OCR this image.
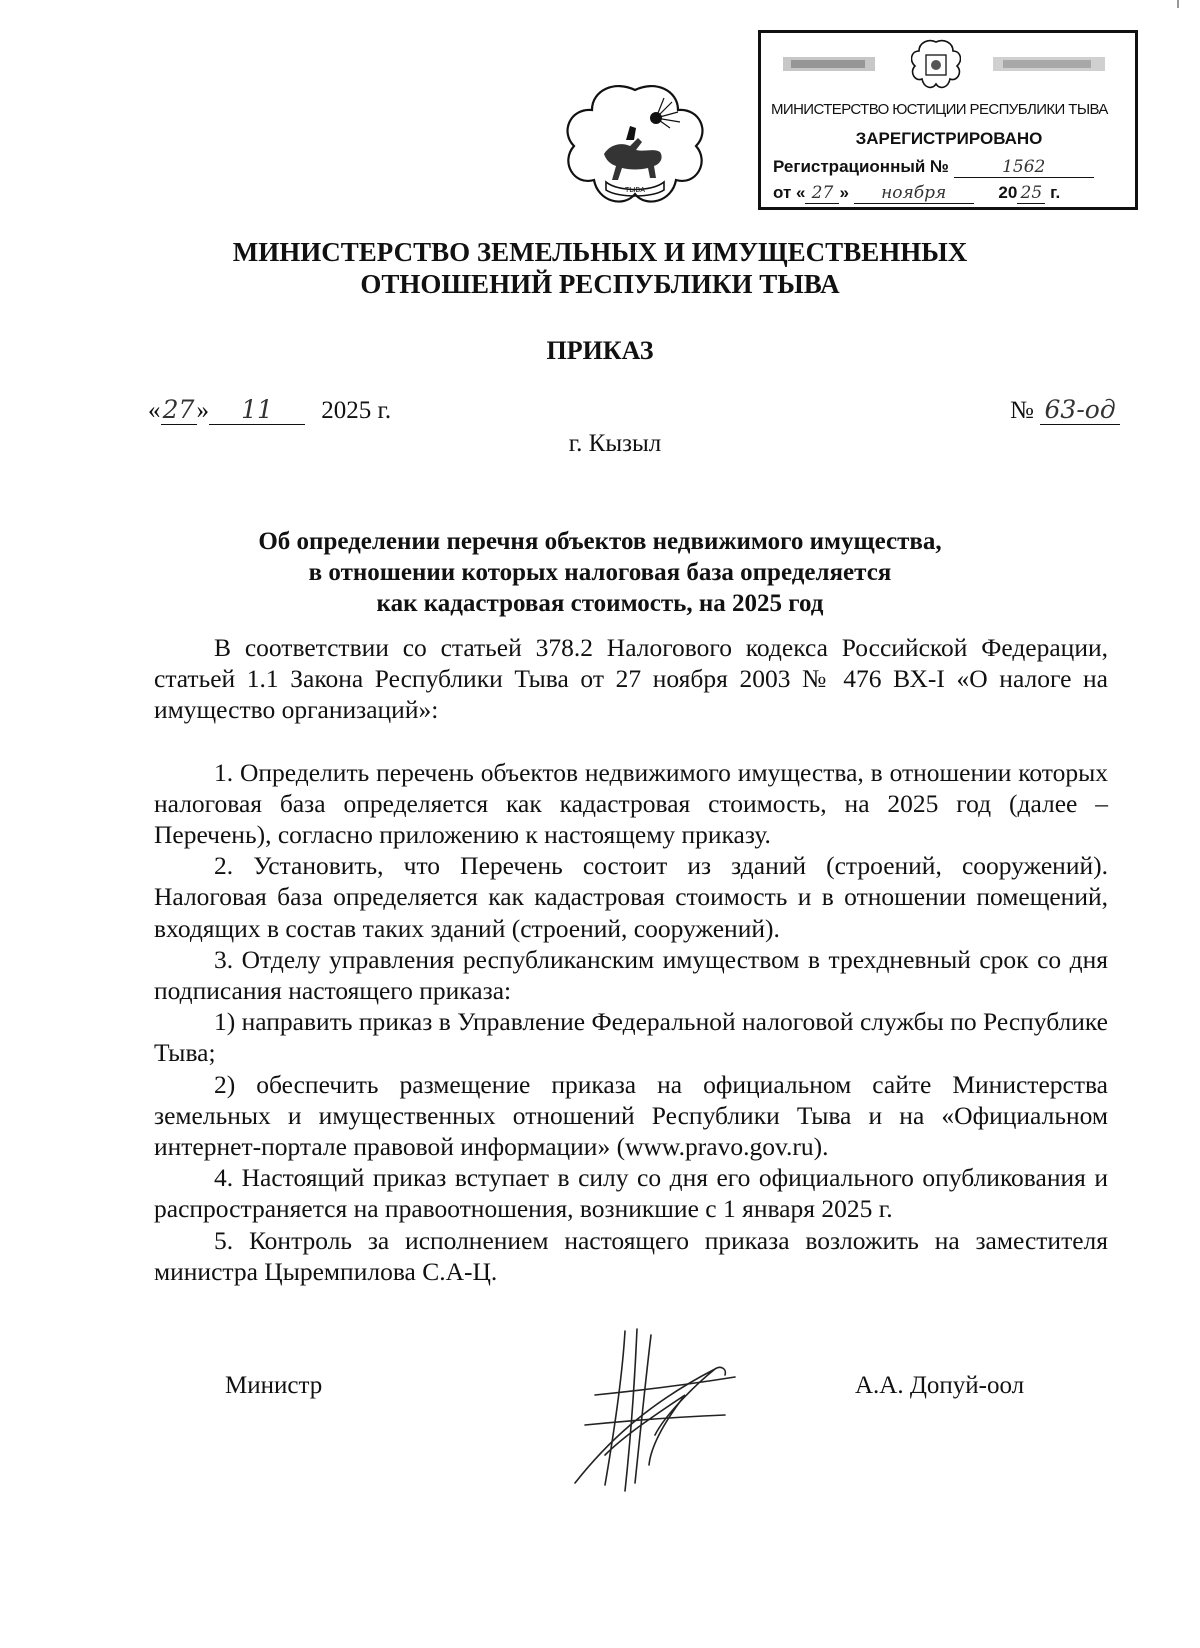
ТЫВА
МИНИСТЕРСТВО ЮСТИЦИИ РЕСПУБЛИКИ ТЫВА
ЗАРЕГИСТРИРОВАНО
Регистрационный №	1562
от « 27 » ноября	20 25 г.
МИНИСТЕРСТВО ЗЕМЕЛЬНЫХ И ИМУЩЕСТВЕННЫХ
ОТНОШЕНИЙ РЕСПУБЛИКИ ТЫВА
ПРИКАЗ
«27» 11 2025 г.	№ 63-од
г. Кызыл
Об определении перечня объектов недвижимого имущества,
в отношении которых налоговая база определяется
как кадастровая стоимость, на 2025 год

В соответствии со статьей 378.2 Налогового кодекса Российской Федерации, статьей 1.1 Закона Республики Тыва от 27 ноября 2003 № 476 ВХ-I «О налоге на имущество организаций»:

1. Определить перечень объектов недвижимого имущества, в отношении которых налоговая база определяется как кадастровая стоимость, на 2025 год (далее – Перечень), согласно приложению к настоящему приказу.

2. Установить, что Перечень состоит из зданий (строений, сооружений). Налоговая база определяется как кадастровая стоимость и в отношении помещений, входящих в состав таких зданий (строений, сооружений).

3. Отделу управления республиканским имуществом в трехдневный срок со дня подписания настоящего приказа:

1) направить приказ в Управление Федеральной налоговой службы по Республике Тыва;

2) обеспечить размещение приказа на официальном сайте Министерства земельных и имущественных отношений Республики Тыва и на «Официальном интернет-портале правовой информации» (www.pravo.gov.ru).

4. Настоящий приказ вступает в силу со дня его официального опубликования и распространяется на правоотношения, возникшие с 1 января 2025 г.

5. Контроль за исполнением настоящего приказа возложить на заместителя министра Цыремпилова С.А-Ц.

Министр	А.А. Допуй-оол
